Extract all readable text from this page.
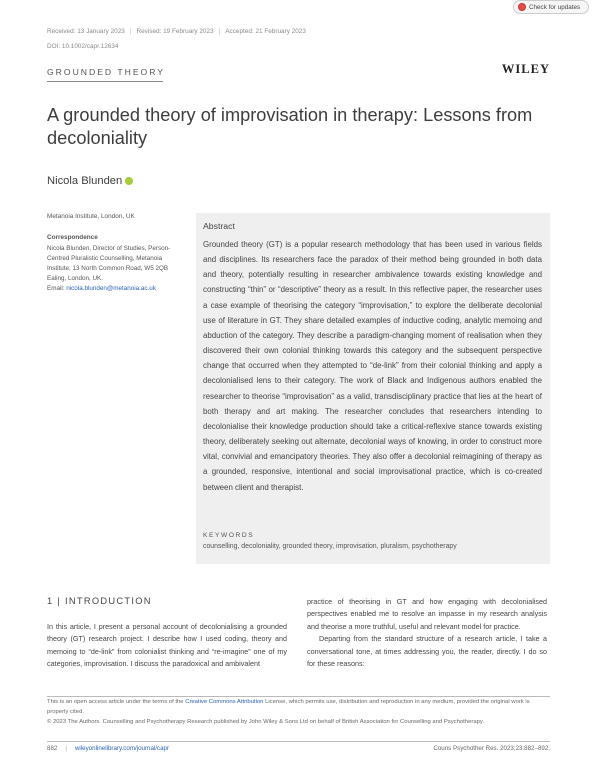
Check for updates
Received: 13 January 2023 | Revised: 19 February 2023 | Accepted: 21 February 2023
DOI: 10.1002/capr.12634
GROUNDED THEORY	WILEY
A grounded theory of improvisation in therapy: Lessons from decoloniality
Nicola Blunden
Metanoia Institute, London, UK
Correspondence
Nicola Blunden, Director of Studies, Person-Centred Pluralistic Counselling, Metanoia Institute, 13 North Common Road, W5 2QB Ealing, London, UK.
Email: nicola.blunden@metanoia.ac.uk
Abstract
Grounded theory (GT) is a popular research methodology that has been used in various fields and disciplines. Its researchers face the paradox of their method being grounded in both data and theory, potentially resulting in researcher ambivalence towards existing knowledge and constructing “thin” or “descriptive” theory as a result. In this reflective paper, the researcher uses a case example of theorising the category “improvisation,” to explore the deliberate decolonial use of literature in GT. They share detailed examples of inductive coding, analytic memoing and abduction of the category. They describe a paradigm-changing moment of realisation when they discovered their own colonial thinking towards this category and the subsequent perspective change that occurred when they attempted to “de-link” from their colonial thinking and apply a decolonialised lens to their category. The work of Black and Indigenous authors enabled the researcher to theorise “improvisation” as a valid, transdisciplinary practice that lies at the heart of both therapy and art making. The researcher concludes that researchers intending to decolonialise their knowledge production should take a critical-reflexive stance towards existing theory, deliberately seeking out alternate, decolonial ways of knowing, in order to construct more vital, convivial and emancipatory theories. They also offer a decolonial reimagining of therapy as a grounded, responsive, intentional and social improvisational practice, which is co-created between client and therapist.
KEYWORDS
counselling, decoloniality, grounded theory, improvisation, pluralism, psychotherapy
1 | INTRODUCTION

In this article, I present a personal account of decolonialising a grounded theory (GT) research project. I describe how I used coding, theory and memoing to “de-link” from colonialist thinking and “re-imagine” one of my categories, improvisation. I discuss the paradoxical and ambivalent

practice of theorising in GT and how engaging with decolonialised perspectives enabled me to resolve an impasse in my research analysis and theorise a more truthful, useful and relevant model for practice.

Departing from the standard structure of a research article, I take a conversational tone, at times addressing you, the reader, directly. I do so for these reasons:

This is an open access article under the terms of the Creative Commons Attribution License, which permits use, distribution and reproduction in any medium, provided the original work is properly cited.
© 2023 The Authors. Counselling and Psychotherapy Research published by John Wiley & Sons Ltd on behalf of British Association for Counselling and Psychotherapy.
882 | wileyonlinelibrary.com/journal/capr	Couns Psychother Res. 2023;23:882–892.
